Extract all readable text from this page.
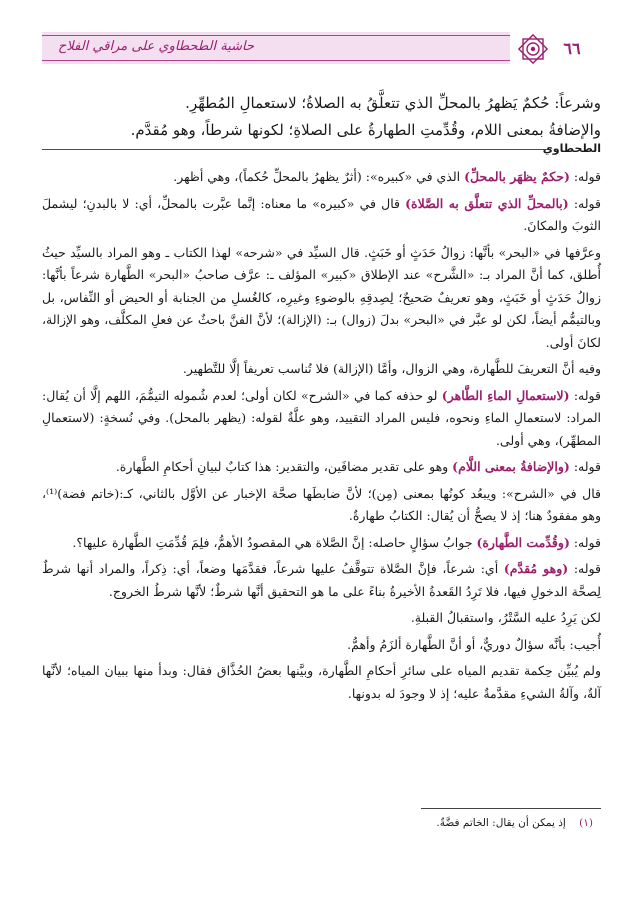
٦٦
حاشية الطحطاوي على مراقي الفلاح

وشرعاً: حُكمٌ يَظهرُ بالمحلِّ الذي تتعلَّقُ به الصلاةُ؛ لاستعمالِ المُطهِّرِ.

والإضافةُ بمعنى اللام، وقُدِّمتِ الطهارةُ على الصلاةِ؛ لكونها شرطاً، وهو مُقدَّم.

الطحطاوي

قوله: (حكمٌ يظهَر بالمحلِّ) الذي في «كبيره»: (أثرٌ يظهرُ بالمحلِّ حُكماً)، وهي أظهر.

قوله: (بالمحلِّ الذي تتعلَّق به الصَّلاة) قال في «كبيره» ما معناه: إنَّما عبَّرت بالمحلِّ، أي: لا بالبدنِ؛ ليشملَ الثوبَ والمكانَ.

وعرَّفها في «البحر» بأنَّها: زوالُ حَدَثٍ أو خَبَثٍ. قال السيِّد في «شرحه» لهذا الكتاب ـ وهو المراد بالسيِّد حيثُ أُطلق، كما أنَّ المراد بـ: «الشَّرح» عند الإطلاق «كبير» المؤلف ـ: عرَّف صاحبُ «البحر» الطَّهارة شرعاً بأنَّها: زوالُ حَدَثٍ أو خَبَثٍ، وهو تعريفٌ صَحيحٌ؛ لِصِدقِهِ بالوضوءِ وغيرِه، كالغُسلِ من الجنابة أو الحيض أو النِّفاس، بل وبالتيمُّم أيضاً، لكن لو عبَّر في «البحر» بدلَ (زوال) بـ: (الإزالة)؛ لأنَّ الفنَّ باحثٌ عن فعلِ المكلَّف، وهو الإزالة، لكانَ أولى.

وفيه أنَّ التعريفَ للطَّهارة، وهي الزوال، وأمَّا (الإزالة) فلا تُناسب تعريفاً إلَّا للتَّطهير.

قوله: (لاستعمالِ الماءِ الطَّاهر) لو حذفه كما في «الشرح» لكان أولى؛ لعدم شُموله التيمُّمَ، اللهم إلَّا أن يُقال: المراد: لاستعمالِ الماءِ ونحوه، فليس المراد التقييد، وهو علَّةٌ لقوله: (يظهر بالمحل). وفي نُسخةٍ: (لاستعمالِ المطهِّر)، وهي أولى.

قوله: (والإضافةُ بمعنى اللَّام) وهو على تقدير مضافَين، والتقدير: هذا كتابٌ لبيانِ أحكامِ الطَّهارة.

قال في «الشرح»: ويبعُد كونُها بمعنى (مِن)؛ لأنَّ ضابطَها صحَّة الإخبار عن الأوَّل بالثاني، كـ:(خاتم فضة)⁽¹⁾، وهو مفقودٌ هنا؛ إذ لا يصحُّ أن يُقال: الكتابُ طهارةٌ.

قوله: (وقُدِّمت الطَّهارة) جوابُ سؤالٍ حاصله: إنَّ الصَّلاة هي المقصودُ الأهمُّ، فلِمَ قُدِّمَتِ الطَّهارة عليها؟.

قوله: (وهو مُقدَّم) أي: شرعاً، فإنَّ الصَّلاة تتوقَّفُ عليها شرعاً، فقدَّمَها وضعاً، أي: ذِكراً، والمراد أنها شرطٌ لِصحَّة الدخولِ فيها، فلا تَرِدُ القَعدةُ الأخيرةُ بناءً على ما هو التحقيق أنَّها شرطٌ؛ لأنَّها شرطُ الخروج.

لكن يَرِدُ عليه السَّتْرُ، واستقبالُ القبلةِ.

أُجيب: بأنَّه سؤالٌ دوريٌّ، أو أنَّ الطَّهارة ألزَمُ وأهمُّ.

ولم يُبيِّن حِكمة تقديم المياه على سائرِ أحكامِ الطَّهارة، وبيَّنها بعضُ الحُذَّاق فقال: وبدأ منها ببيان المياه؛ لأنَّها آلةٌ، وآلةُ الشيءِ مقدَّمةٌ عليه؛ إذ لا وجودَ له بدونها.

(١) إذ يمكن أن يقال: الخاتم فضَّةٌ.
